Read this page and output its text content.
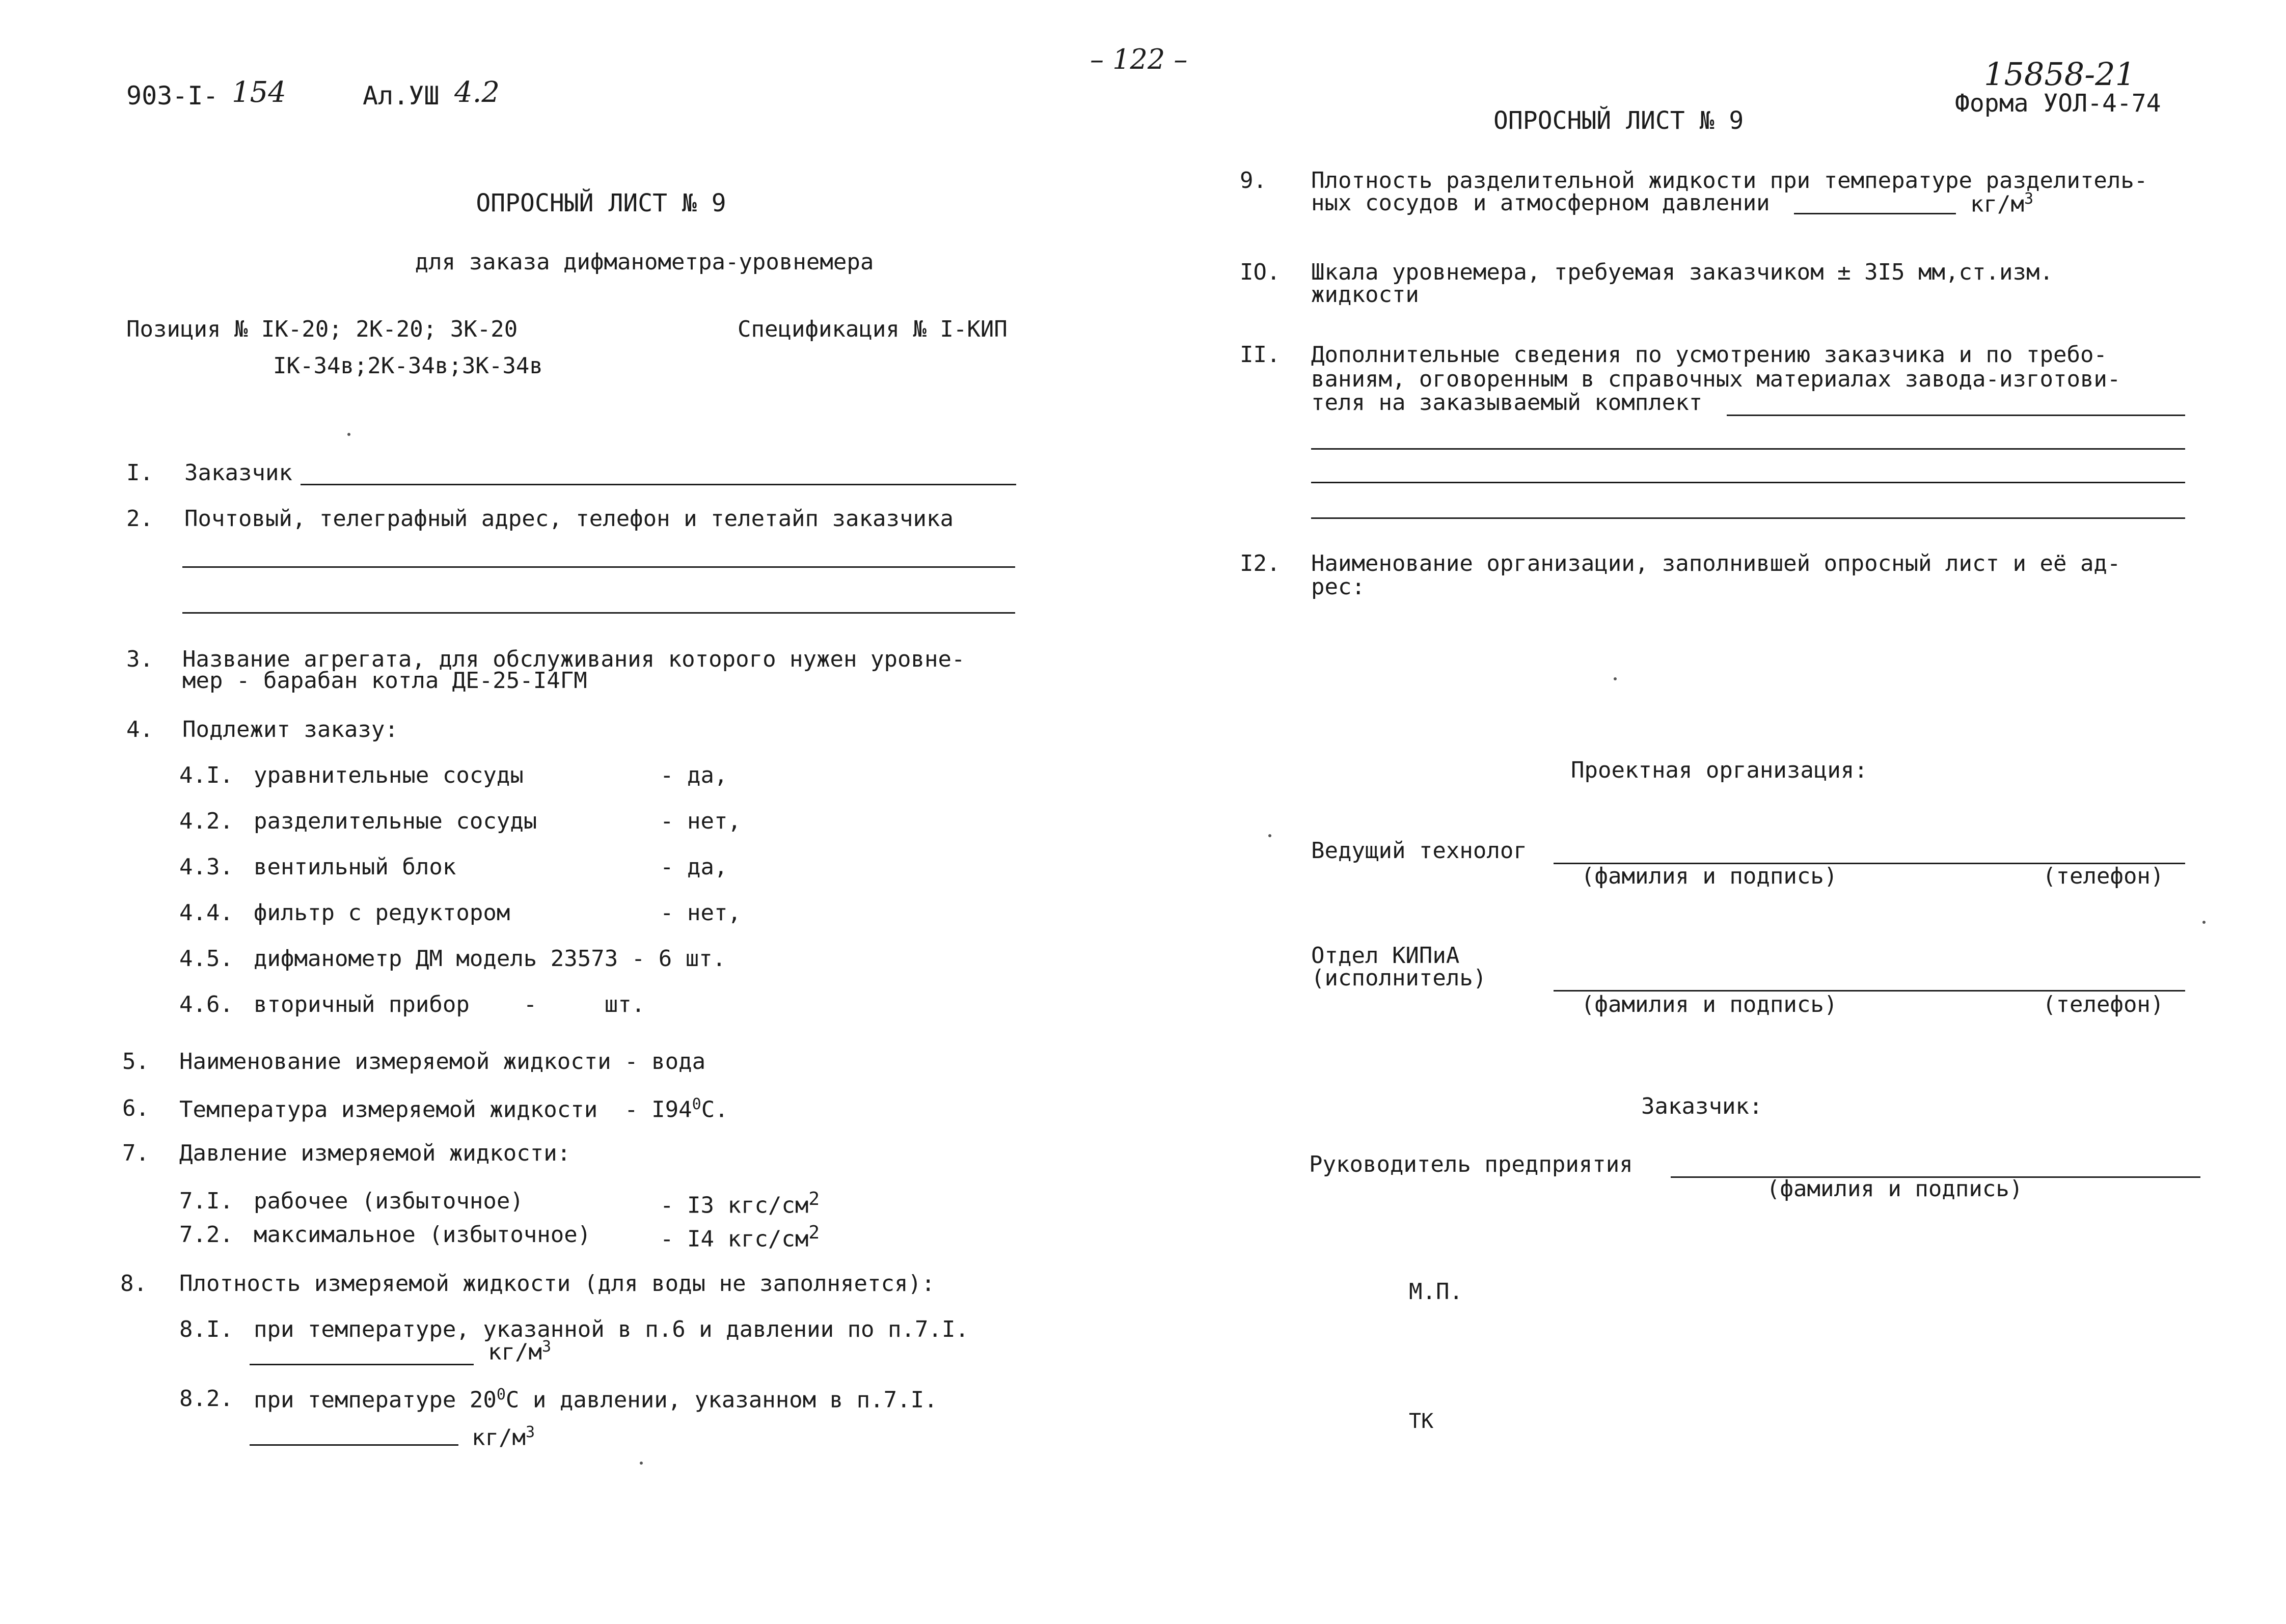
90З-I- 154	Ал.УШ 4.2
ОПРОСНЫЙ ЛИСТ № 9
для заказа дифманометра-уровнемера
Позиция № IК-20; 2К-20; ЗК-20	Спецификация № I-КИП
IК-34в;2К-34в;ЗК-34в
I. Заказчик
2. Почтовый, телеграфный адрес, телефон и телетайп заказчика
3. Название агрегата, для обслуживания которого нужен уровне-
мер - барабан котла ДЕ-25-I4ГМ
4. Подлежит заказу:
4.I. уравнительные сосуды	- да,
4.2. разделительные сосуды	- нет,
4.3. вентильный блок	- да,
4.4. фильтр с редуктором	- нет,
4.5. дифманометр ДМ модель 23573 - 6 шт.
4.6. вторичный прибор    -     шт.
5. Наименование измеряемой жидкости - вода
6. Температура измеряемой жидкости  - $I94^0С$.
7. Давление измеряемой жидкости:
7.I. рабочее (избыточное)	- I3 кгс/$см^2$
7.2. максимальное (избыточное)	- I4 кгс/$см^2$
8. Плотность измеряемой жидкости (для воды не заполняется):
8.I. при температуре, указанной в п.6 и давлении по п.7.I.
$кг/м^3$
8.2. при температуре $20^0С$ и давлении, указанном в п.7.I.
$кг/м^3$
– 122 –	15858-21
Форма УОЛ-4-74
ОПРОСНЫЙ ЛИСТ № 9
9. Плотность разделительной жидкости при температуре разделитель-
ных сосудов и атмосферном давлении	$кг/м^3$
IO. Шкала уровнемера, требуемая заказчиком ± 3I5 мм,ст.изм.
жидкости
II. Дополнительные сведения по усмотрению заказчика и по требо-
ваниям, оговоренным в справочных материалах завода-изготови-
теля на заказываемый комплект
I2. Наименование организации, заполнившей опросный лист и её ад-
рес:
Проектная организация:
Ведущий технолог
(фамилия и подпись)	(телефон)
Отдел КИПиА
(исполнитель)
(фамилия и подпись)	(телефон)
Заказчик:
Руководитель предприятия
(фамилия и подпись)
М.П.
ТК
